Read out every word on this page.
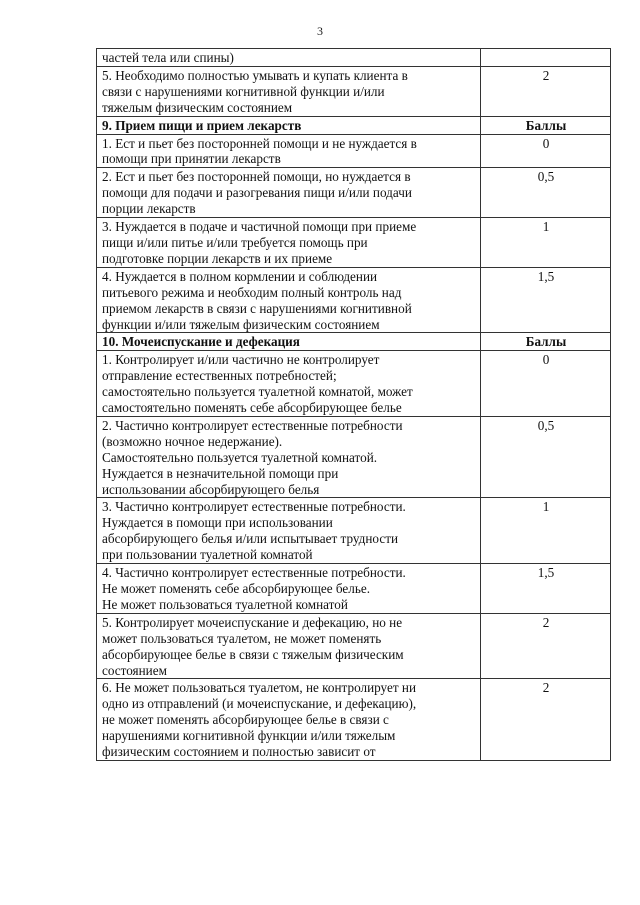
3
частей тела или спины)	
5. Необходимо полностью умывать и купать клиента в
связи с нарушениями когнитивной функции и/или
тяжелым физическим состоянием	2
9. Прием пищи и прием лекарств	Баллы
1. Ест и пьет без посторонней помощи и не нуждается в
помощи при принятии лекарств	0
2. Ест и пьет без посторонней помощи, но нуждается в
помощи для подачи и разогревания пищи и/или подачи
порции лекарств	0,5
3. Нуждается в подаче и частичной помощи при приеме
пищи и/или питье и/или требуется помощь при
подготовке порции лекарств и их приеме	1
4. Нуждается в полном кормлении и соблюдении
питьевого режима и необходим полный контроль над
приемом лекарств в связи с нарушениями когнитивной
функции и/или тяжелым физическим состоянием	1,5
10. Мочеиспускание и дефекация	Баллы
1. Контролирует и/или частично не контролирует
отправление естественных потребностей;
самостоятельно пользуется туалетной комнатой, может
самостоятельно поменять себе абсорбирующее белье	0
2. Частично контролирует естественные потребности
(возможно ночное недержание).
Самостоятельно пользуется туалетной комнатой.
Нуждается в незначительной помощи при
использовании абсорбирующего белья	0,5
3. Частично контролирует естественные потребности.
Нуждается в помощи при использовании
абсорбирующего белья и/или испытывает трудности
при пользовании туалетной комнатой	1
4. Частично контролирует естественные потребности.
Не может поменять себе абсорбирующее белье.
Не может пользоваться туалетной комнатой	1,5
5. Контролирует мочеиспускание и дефекацию, но не
может пользоваться туалетом, не может поменять
абсорбирующее белье в связи с тяжелым физическим
состоянием	2
6. Не может пользоваться туалетом, не контролирует ни
одно из отправлений (и мочеиспускание, и дефекацию),
не может поменять абсорбирующее белье в связи с
нарушениями когнитивной функции и/или тяжелым
физическим состоянием и полностью зависит от	2
